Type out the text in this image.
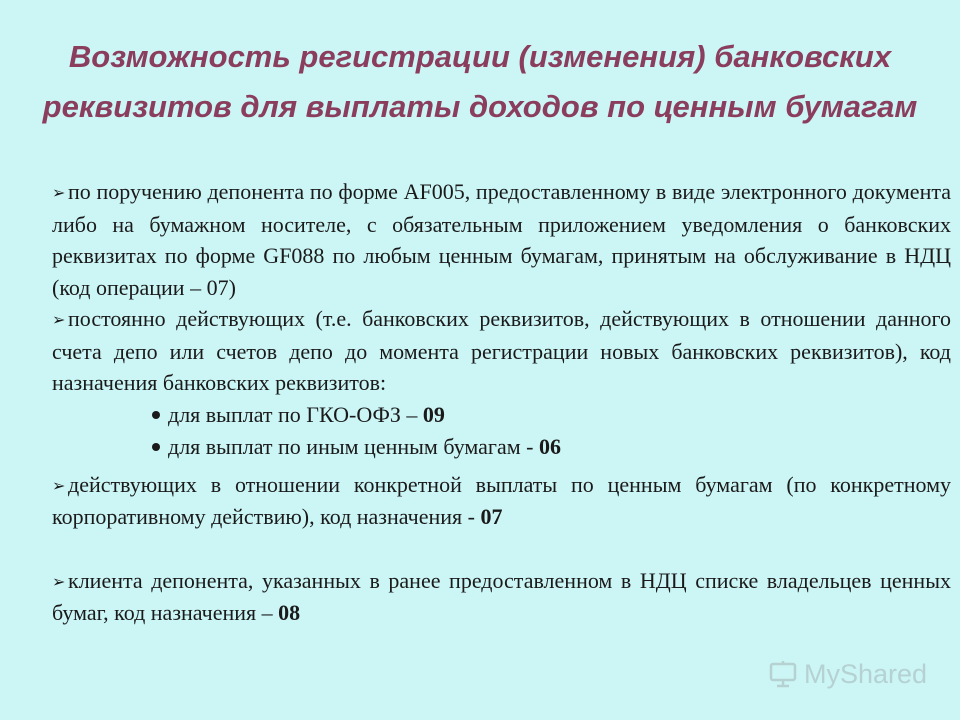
Возможность регистрации (изменения) банковских
реквизитов для выплаты доходов по ценным бумагам

➢ по поручению депонента по форме AF005, предоставленному в виде электронного документа либо на бумажном носителе, с обязательным приложением уведомления о банковских реквизитах по форме GF088 по любым ценным бумагам, принятым на обслуживание в НДЦ (код операции – 07)

➢ постоянно действующих (т.е. банковских реквизитов, действующих в отношении данного счета депо или счетов депо до момента регистрации новых банковских реквизитов), код назначения банковских реквизитов:

для выплат по ГКО-ОФЗ – 09
для выплат по иным ценным бумагам - 06

➢ действующих в отношении конкретной выплаты по ценным бумагам (по конкретному корпоративному действию), код назначения - 07

➢ клиента депонента, указанных в ранее предоставленном в НДЦ списке владельцев ценных бумаг, код назначения – 08

MyShared
